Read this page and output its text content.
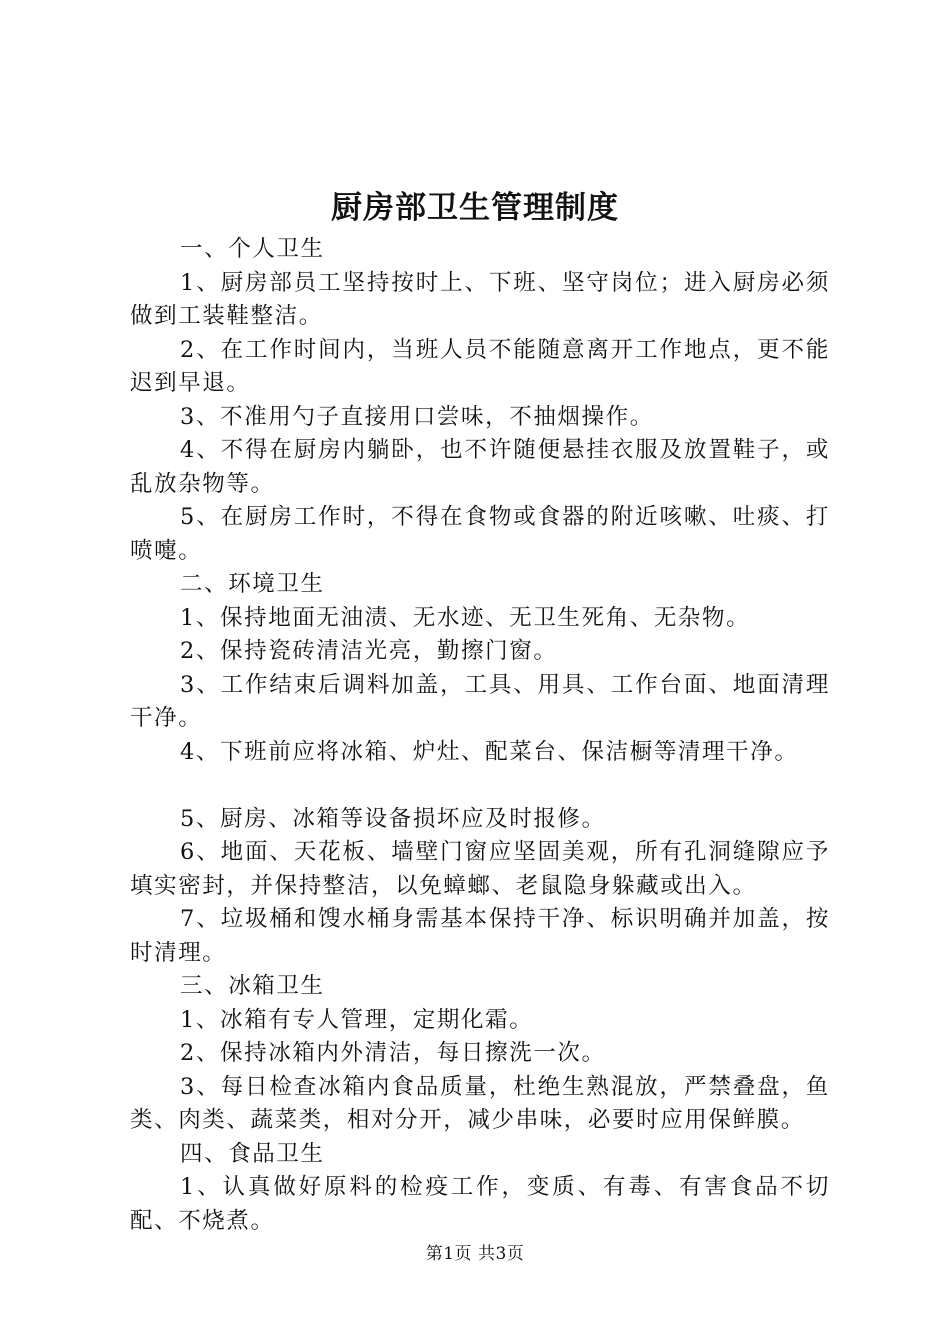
厨房部卫生管理制度

一、个人卫生

1、厨房部员工坚持按时上、下班、坚守岗位；进入厨房必须做到工装鞋整洁。

2、在工作时间内，当班人员不能随意离开工作地点，更不能迟到早退。

3、不准用勺子直接用口尝味，不抽烟操作。

4、不得在厨房内躺卧，也不许随便悬挂衣服及放置鞋子，或乱放杂物等。

5、在厨房工作时，不得在食物或食器的附近咳嗽、吐痰、打喷嚏。

二、环境卫生

1、保持地面无油渍、无水迹、无卫生死角、无杂物。

2、保持瓷砖清洁光亮，勤擦门窗。

3、工作结束后调料加盖，工具、用具、工作台面、地面清理干净。

4、下班前应将冰箱、炉灶、配菜台、保洁橱等清理干净。

5、厨房、冰箱等设备损坏应及时报修。

6、地面、天花板、墙壁门窗应坚固美观，所有孔洞缝隙应予填实密封，并保持整洁，以免蟑螂、老鼠隐身躲藏或出入。

7、垃圾桶和馊水桶身需基本保持干净、标识明确并加盖，按时清理。

三、冰箱卫生

1、冰箱有专人管理，定期化霜。

2、保持冰箱内外清洁，每日擦洗一次。

3、每日检查冰箱内食品质量，杜绝生熟混放，严禁叠盘，鱼类、肉类、蔬菜类，相对分开，减少串味，必要时应用保鲜膜。

四、食品卫生

1、认真做好原料的检疫工作，变质、有毒、有害食品不切配、不烧煮。

第1页 共3页
